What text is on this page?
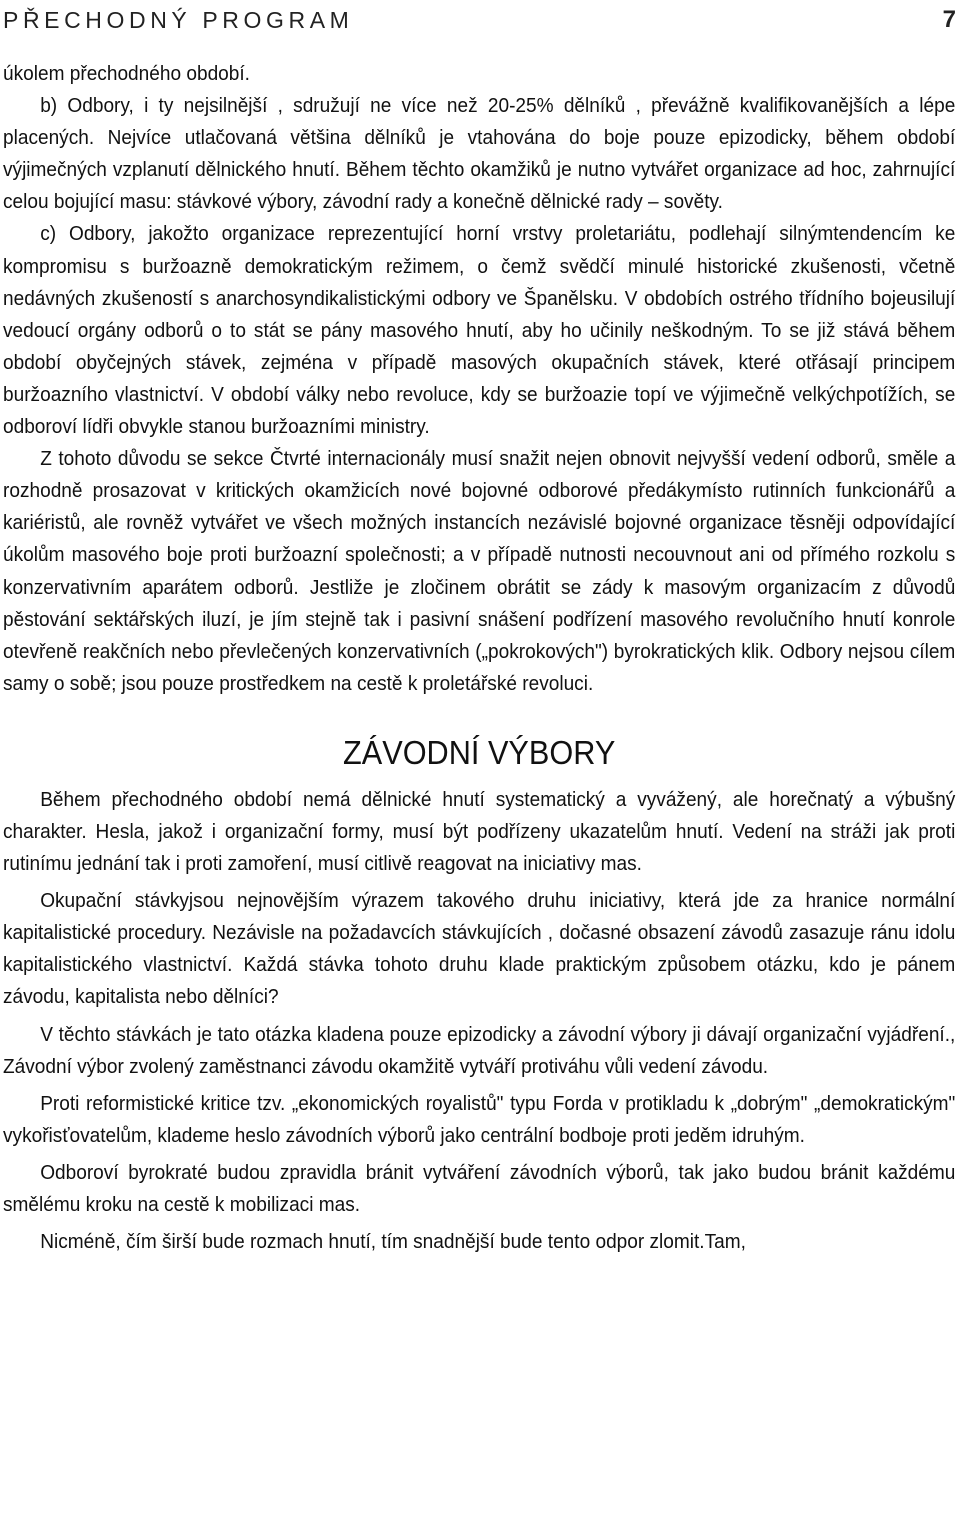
PŘECHODNÝ PROGRAM	7

úkolem přechodného období.

b) Odbory, i ty nejsilnější , sdružují ne více než 20-25% dělníků , převážně kvalifikovanějších a lépe placených. Nejvíce utlačovaná většina dělníků je vtahována do boje pouze epizodicky, během období výjimečných vzplanutí dělnického hnutí. Během těchto okamžiků je nutno vytvářet organizace ad hoc, zahrnující celou bojující masu: stávkové výbory, závodní rady a konečně dělnické rady – sověty.

c) Odbory, jakožto organizace reprezentující horní vrstvy proletariátu, podlehají silnýmtendencím ke kompromisu s buržoazně demokratickým režimem, o čemž svědčí minulé historické zkušenosti, včetně nedávných zkušeností s anarchosyndikalistickými odbory ve Španělsku. V obdobích ostrého třídního bojeusilují vedoucí orgány odborů o to stát se pány masového hnutí, aby ho učinily neškodným. To se již stává během období obyčejných stávek, zejména v případě masových okupačních stávek, které otřásají principem buržoazního vlastnictví. V období války nebo revoluce, kdy se buržoazie topí ve výjimečně velkýchpotížích, se odboroví lídři obvykle stanou buržoazními ministry.

Z tohoto důvodu se sekce Čtvrté internacionály musí snažit nejen obnovit nejvyšší vedení odborů, směle a rozhodně prosazovat v kritických okamžicích nové bojovné odborové předákymísto rutinních funkcionářů a kariéristů, ale rovněž vytvářet ve všech možných instancích nezávislé bojovné organizace těsněji odpovídající úkolům masového boje proti buržoazní společnosti; a v případě nutnosti necouvnout ani od přímého rozkolu s konzervativním aparátem odborů. Jestliže je zločinem obrátit se zády k masovým organizacím z důvodů pěstování sektářských iluzí, je jím stejně tak i pasivní snášení podřízení masového revolučního hnutí konrole otevřeně reakčních nebo převlečených konzervativních („pokrokových") byrokratických klik. Odbory nejsou cílem samy o sobě; jsou pouze prostředkem na cestě k proletářské revoluci.

ZÁVODNÍ VÝBORY

Během přechodného období nemá dělnické hnutí systematický a vyvážený, ale horečnatý a výbušný charakter. Hesla, jakož i organizační formy, musí být podřízeny ukazatelům hnutí. Vedení na stráži jak proti rutinímu jednání tak i proti zamoření, musí citlivě reagovat na iniciativy mas.

Okupační stávkyjsou nejnovějším výrazem takového druhu iniciativy, která jde za hranice normální kapitalistické procedury. Nezávisle na požadavcích stávkujících , dočasné obsazení závodů zasazuje ránu idolu kapitalistického vlastnictví. Každá stávka tohoto druhu klade praktickým způsobem otázku, kdo je pánem závodu, kapitalista nebo dělníci?

V těchto stávkách je tato otázka kladena pouze epizodicky a závodní výbory ji dávají organizační vyjádření., Závodní výbor zvolený zaměstnanci závodu okamžitě vytváří protiváhu vůli vedení závodu.

Proti reformistické kritice tzv. „ekonomických royalistů" typu Forda v protikladu k „dobrým" „demokratickým" vykořisťovatelům, klademe heslo závodních výborů jako centrální bodboje proti jeděm idruhým.

Odboroví byrokraté budou zpravidla bránit vytváření závodních výborů, tak jako budou bránit každému smělému kroku na cestě k mobilizaci mas.

Nicméně, čím širší bude rozmach hnutí, tím snadnější bude tento odpor zlomit.Tam,
